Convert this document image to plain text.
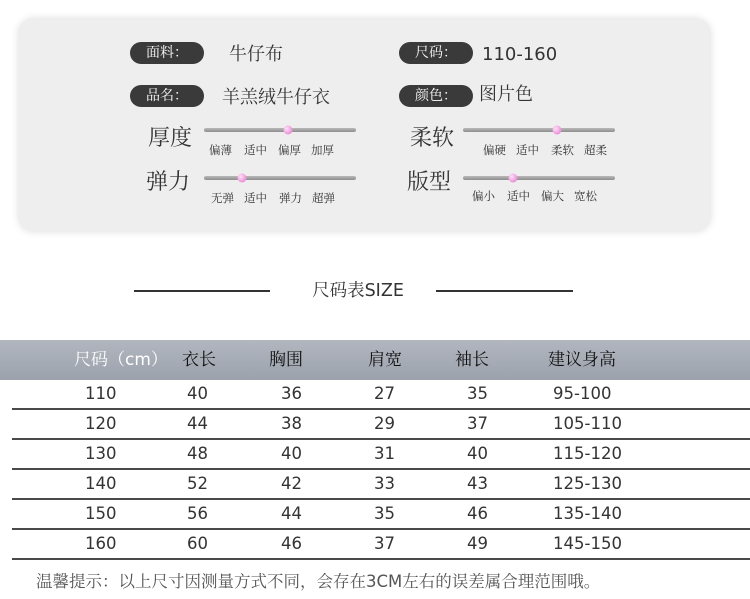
面料：	牛仔布	尺码：	110-160
品名：	羊羔绒牛仔衣	颜色：	图片色
厚度 偏薄 适中 偏厚 加厚	柔软	偏硬 适中 柔软 超柔
弹力
无弹 适中 弹力 超弹
版型
偏小 适中 偏大 宽松
尺码表SIZE
尺码（cm） 衣长	胸围	肩宽	袖长	建议身高
110	40	36	27	35	95-100
120	44	38	29	37	105-110
130	48	40	31	40	115-120
140	52	42	33	43	125-130
150	56	44	35	46	135-140
160	60	46	37	49	145-150
温馨提示：以上尺寸因测量方式不同，会存在3CM左右的误差属合理范围哦。
